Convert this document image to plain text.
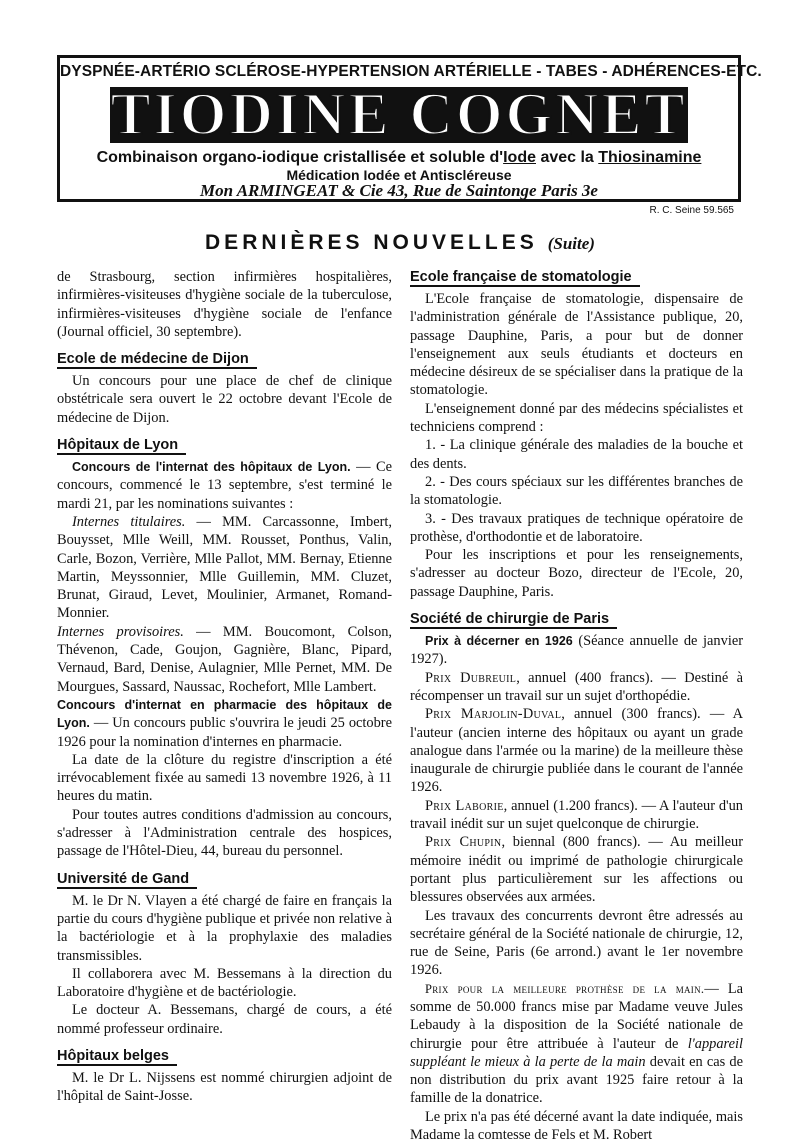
DYSPNÉE-ARTÉRIO SCLÉROSE-HYPERTENSION ARTÉRIELLE - TABES - ADHÉRENCES-ETC.
TIODINE COGNET
Combinaison organo-iodique cristallisée et soluble d'Iode avec la Thiosinamine
Médication Iodée et Antiscléreuse
Mon ARMINGEAT & Cie 43, Rue de Saintonge Paris 3e
R. C. Seine 59.565
DERNIÈRES NOUVELLES (Suite)

de Strasbourg, section infirmières hospitalières, infirmières-visiteuses d'hygiène sociale de la tuberculose, infirmières-visiteuses d'hygiène sociale de l'enfance (Journal officiel, 30 septembre).

Ecole de médecine de Dijon

Un concours pour une place de chef de clinique obstétricale sera ouvert le 22 octobre devant l'Ecole de médecine de Dijon.

Hôpitaux de Lyon

Concours de l'internat des hôpitaux de Lyon. — Ce concours, commencé le 13 septembre, s'est terminé le mardi 21, par les nominations suivantes :

Internes titulaires. — MM. Carcassonne, Imbert, Bouysset, Mlle Weill, MM. Rousset, Ponthus, Valin, Carle, Bozon, Verrière, Mlle Pallot, MM. Bernay, Etienne Martin, Meyssonnier, Mlle Guillemin, MM. Cluzet, Brunat, Giraud, Levet, Moulinier, Armanet, Romand-Monnier.

Internes provisoires. — MM. Boucomont, Colson, Thévenon, Cade, Goujon, Gagnière, Blanc, Pipard, Vernaud, Bard, Denise, Aulagnier, Mlle Pernet, MM. De Mourgues, Sassard, Naussac, Rochefort, Mlle Lambert.

Concours d'internat en pharmacie des hôpitaux de Lyon. — Un concours public s'ouvrira le jeudi 25 octobre 1926 pour la nomination d'internes en pharmacie.

La date de la clôture du registre d'inscription a été irrévocablement fixée au samedi 13 novembre 1926, à 11 heures du matin.

Pour toutes autres conditions d'admission au concours, s'adresser à l'Administration centrale des hospices, passage de l'Hôtel-Dieu, 44, bureau du personnel.

Université de Gand

M. le Dr N. Vlayen a été chargé de faire en français la partie du cours d'hygiène publique et privée non relative à la bactériologie et à la prophylaxie des maladies transmissibles.

Il collaborera avec M. Bessemans à la direction du Laboratoire d'hygiène et de bactériologie.

Le docteur A. Bessemans, chargé de cours, a été nommé professeur ordinaire.

Hôpitaux belges

M. le Dr L. Nijssens est nommé chirurgien adjoint de l'hôpital de Saint-Josse.

Ecole française de stomatologie

L'Ecole française de stomatologie, dispensaire de l'administration générale de l'Assistance publique, 20, passage Dauphine, Paris, a pour but de donner l'enseignement aux seuls étudiants et docteurs en médecine désireux de se spécialiser dans la pratique de la stomatologie.

L'enseignement donné par des médecins spécialistes et techniciens comprend :

1. - La clinique générale des maladies de la bouche et des dents.

2. - Des cours spéciaux sur les différentes branches de la stomatologie.

3. - Des travaux pratiques de technique opératoire de prothèse, d'orthodontie et de laboratoire.

Pour les inscriptions et pour les renseignements, s'adresser au docteur Bozo, directeur de l'Ecole, 20, passage Dauphine, Paris.

Société de chirurgie de Paris

Prix à décerner en 1926 (Séance annuelle de janvier 1927).

Prix Dubreuil, annuel (400 francs). — Destiné à récompenser un travail sur un sujet d'orthopédie.

Prix Marjolin-Duval, annuel (300 francs). — A l'auteur (ancien interne des hôpitaux ou ayant un grade analogue dans l'armée ou la marine) de la meilleure thèse inaugurale de chirurgie publiée dans le courant de l'année 1926.

Prix Laborie, annuel (1.200 francs). — A l'auteur d'un travail inédit sur un sujet quelconque de chirurgie.

Prix Chupin, biennal (800 francs). — Au meilleur mémoire inédit ou imprimé de pathologie chirurgicale portant plus particulièrement sur les affections ou blessures observées aux armées.

Les travaux des concurrents devront être adressés au secrétaire général de la Société nationale de chirurgie, 12, rue de Seine, Paris (6e arrond.) avant le 1er novembre 1926.

Prix pour la meilleure prothèse de la main.— La somme de 50.000 francs mise par Madame veuve Jules Lebaudy à la disposition de la Société nationale de chirurgie pour être attribuée à l'auteur de l'appareil suppléant le mieux à la perte de la main devait en cas de non distribution du prix avant 1925 faire retour à la famille de la donatrice.

Le prix n'a pas été décerné avant la date indiquée, mais Madame la comtesse de Fels et M. Robert
